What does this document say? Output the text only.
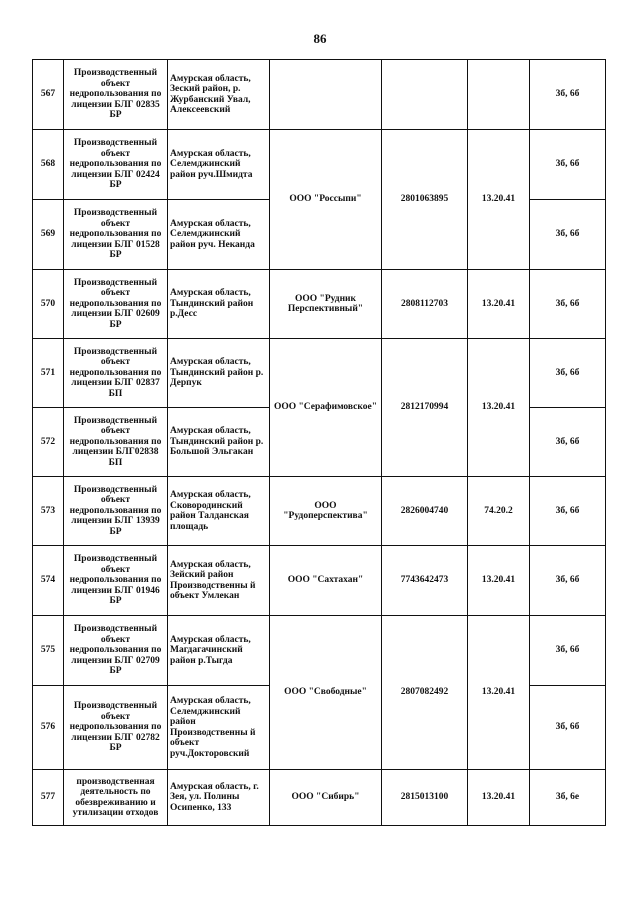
86
567	Производственный объект недропользования по лицензии БЛГ 02835 БР	Амурская область, Зеский район, р. Журбанский Увал, Алексеевский				3б, 6б
568	Производственный объект недропользования по лицензии БЛГ 02424 БР	Амурская область, Селемджинский район руч.Шмидта	ООО "Россыпи"	2801063895	13.20.41	3б, 6б
569	Производственный объект недропользования по лицензии БЛГ 01528 БР	Амурская область, Селемджинский район руч. Неканда				3б, 6б
570	Производственный объект недропользования по лицензии БЛГ 02609 БР	Амурская область, Тындинский район р.Десс	ООО "Рудник Перспективный"	2808112703	13.20.41	3б, 6б
571	Производственный объект недропользования по лицензии БЛГ 02837 БП	Амурская область, Тындинский район р. Дерпук	ООО "Серафимовское"	2812170994	13.20.41	3б, 6б
572	Производственный объект недропользования по лицензии БЛГ02838 БП	Амурская область, Тындинский район р. Большой Эльгакан				3б, 6б
573	Производственный объект недропользования по лицензии БЛГ 13939 БР	Амурская область, Сковородинский район Талданская площадь	ООО "Рудоперспектива"	2826004740	74.20.2	3б, 6б
574	Производственный объект недропользования по лицензии БЛГ 01946 БР	Амурская область, Зейский район Производственны й объект Умлекан	ООО "Сахтахан"	7743642473	13.20.41	3б, 6б
575	Производственный объект недропользования по лицензии БЛГ 02709 БР	Амурская область, Магдагачинский район р.Тыгда	ООО "Свободные"	2807082492	13.20.41	3б, 6б
576	Производственный объект недропользования по лицензии БЛГ 02782 БР	Амурская область, Селемджинский район Производственны й объект руч.Докторовский				3б, 6б
577	производственная деятельность по обезвреживанию и утилизации отходов	Амурская область, г. Зея, ул. Полины Осипенко, 133	ООО "Сибирь"	2815013100	13.20.41	3б, 6е
